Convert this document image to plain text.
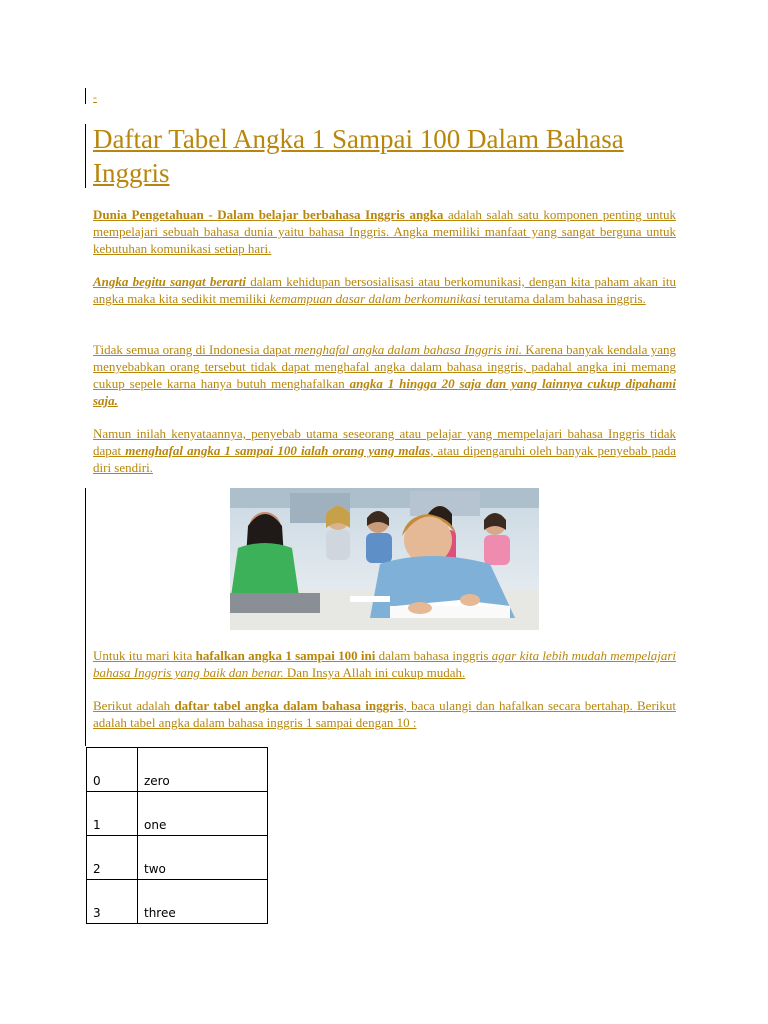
-
Daftar Tabel Angka 1 Sampai 100 Dalam Bahasa Inggris

Dunia Pengetahuan - Dalam belajar berbahasa Inggris angka adalah salah satu komponen penting untuk mempelajari sebuah bahasa dunia yaitu bahasa Inggris. Angka memiliki manfaat yang sangat berguna untuk kebutuhan komunikasi setiap hari.

Angka begitu sangat berarti dalam kehidupan bersosialisasi atau berkomunikasi, dengan kita paham akan itu angka maka kita sedikit memiliki kemampuan dasar dalam berkomunikasi terutama dalam bahasa inggris.

Tidak semua orang di Indonesia dapat menghafal angka dalam bahasa Inggris ini. Karena banyak kendala yang menyebabkan orang tersebut tidak dapat menghafal angka dalam bahasa inggris, padahal angka ini memang cukup sepele karna hanya butuh menghafalkan angka 1 hingga 20 saja dan yang lainnya cukup dipahami saja.

Namun inilah kenyataannya, penyebab utama seseorang atau pelajar yang mempelajari bahasa Inggris tidak dapat menghafal angka 1 sampai 100 ialah orang yang malas, atau dipengaruhi oleh banyak penyebab pada diri sendiri.

Untuk itu mari kita hafalkan angka 1 sampai 100 ini dalam bahasa inggris agar kita lebih mudah mempelajari bahasa Inggris yang baik dan benar. Dan Insya Allah ini cukup mudah.

Berikut adalah daftar tabel angka dalam bahasa inggris, baca ulangi dan hafalkan secara bertahap. Berikut adalah tabel angka dalam bahasa inggris 1 sampai dengan 10 :

0	zero
1	one
2	two
3	three
